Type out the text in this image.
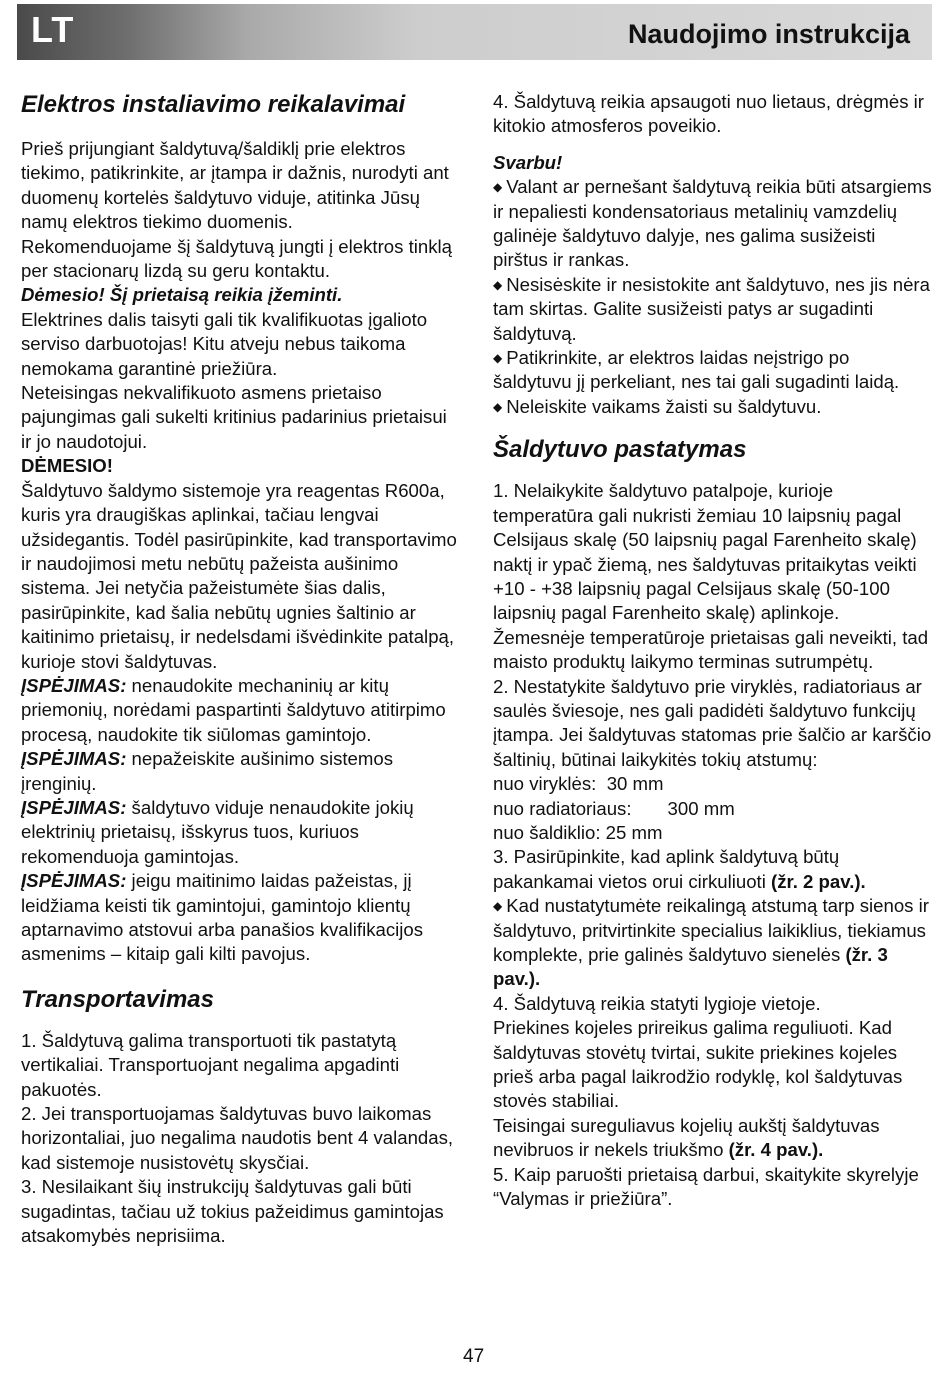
LT	Naudojimo instrukcija
Elektros instaliavimo reikalavimai

Prieš prijungiant šaldytuvą/šaldiklį prie elektros tiekimo, patikrinkite, ar įtampa ir dažnis, nurodyti ant duomenų kortelės šaldytuvo viduje, atitinka Jūsų namų elektros tiekimo duomenis.

Rekomenduojame šį šaldytuvą jungti į elektros tinklą per stacionarų lizdą su geru kontaktu.

Dėmesio! Šį prietaisą reikia įžeminti.

Elektrines dalis taisyti gali tik kvalifikuotas įgalioto serviso darbuotojas! Kitu atveju nebus taikoma nemokama garantinė priežiūra.

Neteisingas nekvalifikuoto asmens prietaiso pajungimas gali sukelti kritinius padarinius prietaisui ir jo naudotojui.

DĖMESIO!

Šaldytuvo šaldymo sistemoje yra reagentas R600a, kuris yra draugiškas aplinkai, tačiau lengvai užsidegantis. Todėl pasirūpinkite, kad transportavimo ir naudojimosi metu nebūtų pažeista aušinimo sistema. Jei netyčia pažeistumėte šias dalis, pasirūpinkite, kad šalia nebūtų ugnies šaltinio ar kaitinimo prietaisų, ir nedelsdami išvėdinkite patalpą, kurioje stovi šaldytuvas.

ĮSPĖJIMAS: nenaudokite mechaninių ar kitų priemonių, norėdami paspartinti šaldytuvo atitirpimo procesą, naudokite tik siūlomas gamintojo.

ĮSPĖJIMAS: nepažeiskite aušinimo sistemos įrenginių.

ĮSPĖJIMAS: šaldytuvo viduje nenaudokite jokių elektrinių prietaisų, išskyrus tuos, kuriuos rekomenduoja gamintojas.

ĮSPĖJIMAS: jeigu maitinimo laidas pažeistas, jį leidžiama keisti tik gamintojui, gamintojo klientų aptarnavimo atstovui arba panašios kvalifikacijos asmenims – kitaip gali kilti pavojus.

Transportavimas

1. Šaldytuvą galima transportuoti tik pastatytą vertikaliai. Transportuojant negalima apgadinti pakuotės.

2. Jei transportuojamas šaldytuvas buvo laikomas horizontaliai, juo negalima naudotis bent 4 valandas, kad sistemoje nusistovėtų skysčiai.

3. Nesilaikant šių instrukcijų šaldytuvas gali būti sugadintas, tačiau už tokius pažeidimus gamintojas atsakomybės neprisiima.

4. Šaldytuvą reikia apsaugoti nuo lietaus, drėgmės ir kitokio atmosferos poveikio.

Svarbu!

◆ Valant ar pernešant šaldytuvą reikia būti atsargiems ir nepaliesti kondensatoriaus metalinių vamzdelių galinėje šaldytuvo dalyje, nes galima susižeisti pirštus ir rankas.

◆ Nesisėskite ir nesistokite ant šaldytuvo, nes jis nėra tam skirtas. Galite susižeisti patys ar sugadinti šaldytuvą.

◆ Patikrinkite, ar elektros laidas neįstrigo po šaldytuvu jį perkeliant, nes tai gali sugadinti laidą.

◆ Neleiskite vaikams žaisti su šaldytuvu.

Šaldytuvo pastatymas

1. Nelaikykite šaldytuvo patalpoje, kurioje temperatūra gali nukristi žemiau 10 laipsnių pagal Celsijaus skalę (50 laipsnių pagal Farenheito skalę) naktį ir ypač žiemą, nes šaldytuvas pritaikytas veikti +10 - +38 laipsnių pagal Celsijaus skalę (50-100 laipsnių pagal Farenheito skalę) aplinkoje. Žemesnėje temperatūroje prietaisas gali neveikti, tad maisto produktų laikymo terminas sutrumpėtų.

2. Nestatykite šaldytuvo prie viryklės, radiatoriaus ar saulės šviesoje, nes gali padidėti šaldytuvo funkcijų įtampa. Jei šaldytuvas statomas prie šalčio ar karščio šaltinių, būtinai laikykitės tokių atstumų:

nuo viryklės: 30 mm

nuo radiatoriaus: 300 mm

nuo šaldiklio: 25 mm

3. Pasirūpinkite, kad aplink šaldytuvą būtų pakankamai vietos orui cirkuliuoti (žr. 2 pav.).

◆ Kad nustatytumėte reikalingą atstumą tarp sienos ir šaldytuvo, pritvirtinkite specialius laikiklius, tiekiamus komplekte, prie galinės šaldytuvo sienelės (žr. 3 pav.).

4. Šaldytuvą reikia statyti lygioje vietoje.

Priekines kojeles prireikus galima reguliuoti. Kad šaldytuvas stovėtų tvirtai, sukite priekines kojeles prieš arba pagal laikrodžio rodyklę, kol šaldytuvas stovės stabiliai.

Teisingai sureguliavus kojelių aukštį šaldytuvas nevibruos ir nekels triukšmo (žr. 4 pav.).

5. Kaip paruošti prietaisą darbui, skaitykite skyrelyje “Valymas ir priežiūra”.

47
